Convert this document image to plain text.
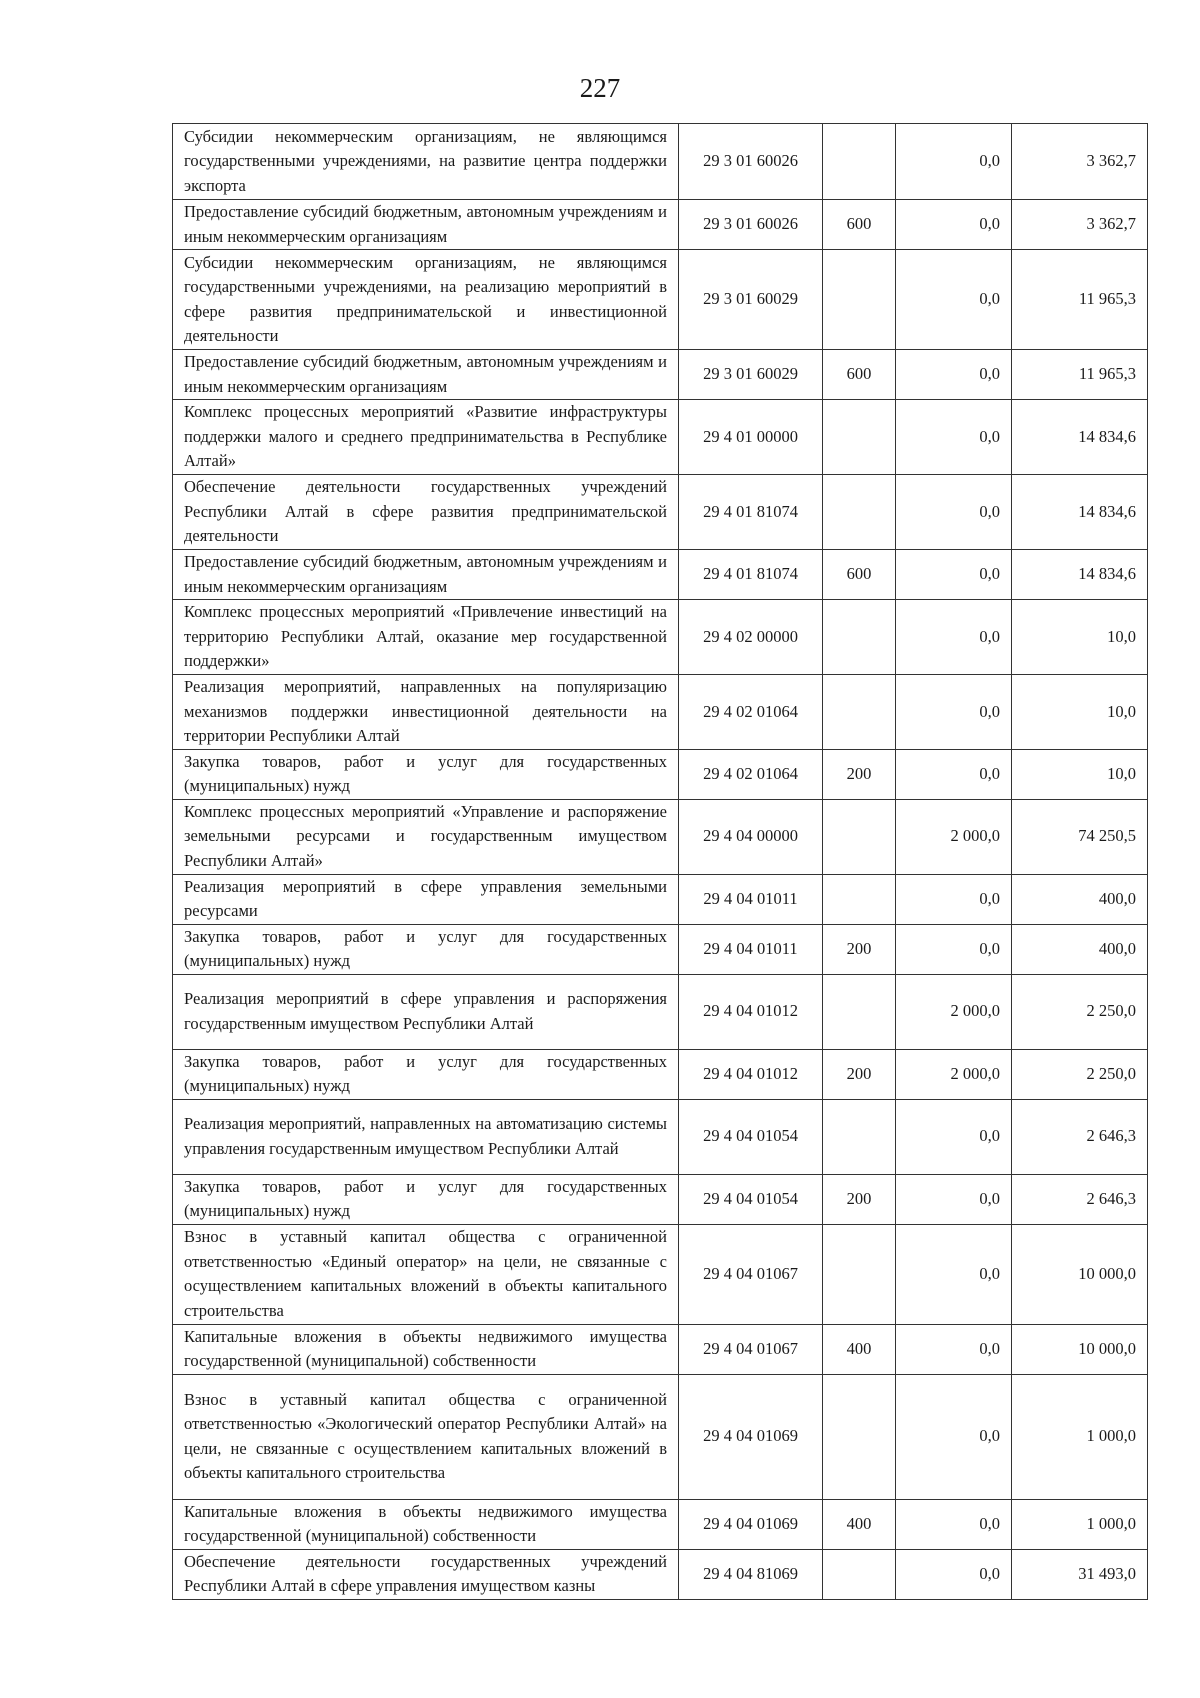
227
Субсидии некоммерческим организациям, не являющимся государственными учреждениями, на развитие центра поддержки экспорта	29 3 01 60026		0,0	3 362,7
Предоставление субсидий бюджетным, автономным учреждениям и иным некоммерческим организациям	29 3 01 60026	600	0,0	3 362,7
Субсидии некоммерческим организациям, не являющимся государственными учреждениями, на реализацию мероприятий в сфере развития предпринимательской и инвестиционной деятельности	29 3 01 60029		0,0	11 965,3
Предоставление субсидий бюджетным, автономным учреждениям и иным некоммерческим организациям	29 3 01 60029	600	0,0	11 965,3
Комплекс процессных мероприятий «Развитие инфраструктуры поддержки малого и среднего предпринимательства в Республике Алтай»	29 4 01 00000		0,0	14 834,6
Обеспечение деятельности государственных учреждений Республики Алтай в сфере развития предпринимательской деятельности	29 4 01 81074		0,0	14 834,6
Предоставление субсидий бюджетным, автономным учреждениям и иным некоммерческим организациям	29 4 01 81074	600	0,0	14 834,6
Комплекс процессных мероприятий «Привлечение инвестиций на территорию Республики Алтай, оказание мер государственной поддержки»	29 4 02 00000		0,0	10,0
Реализация мероприятий, направленных на популяризацию механизмов поддержки инвестиционной деятельности на территории Республики Алтай	29 4 02 01064		0,0	10,0
Закупка товаров, работ и услуг для государственных (муниципальных) нужд	29 4 02 01064	200	0,0	10,0
Комплекс процессных мероприятий «Управление и распоряжение земельными ресурсами и государственным имуществом Республики Алтай»	29 4 04 00000		2 000,0	74 250,5
Реализация мероприятий в сфере управления земельными ресурсами	29 4 04 01011		0,0	400,0
Закупка товаров, работ и услуг для государственных (муниципальных) нужд	29 4 04 01011	200	0,0	400,0
Реализация мероприятий в сфере управления и распоряжения государственным имуществом Республики Алтай	29 4 04 01012		2 000,0	2 250,0
Закупка товаров, работ и услуг для государственных (муниципальных) нужд	29 4 04 01012	200	2 000,0	2 250,0
Реализация мероприятий, направленных на автоматизацию системы управления государственным имуществом Республики Алтай	29 4 04 01054		0,0	2 646,3
Закупка товаров, работ и услуг для государственных (муниципальных) нужд	29 4 04 01054	200	0,0	2 646,3
Взнос в уставный капитал общества с ограниченной ответственностью «Единый оператор» на цели, не связанные с осуществлением капитальных вложений в объекты капитального строительства	29 4 04 01067		0,0	10 000,0
Капитальные вложения в объекты недвижимого имущества государственной (муниципальной) собственности	29 4 04 01067	400	0,0	10 000,0
Взнос в уставный капитал общества с ограниченной ответственностью «Экологический оператор Республики Алтай» на цели, не связанные с осуществлением капитальных вложений в объекты капитального строительства	29 4 04 01069		0,0	1 000,0
Капитальные вложения в объекты недвижимого имущества государственной (муниципальной) собственности	29 4 04 01069	400	0,0	1 000,0
Обеспечение деятельности государственных учреждений Республики Алтай в сфере управления имуществом казны	29 4 04 81069		0,0	31 493,0
